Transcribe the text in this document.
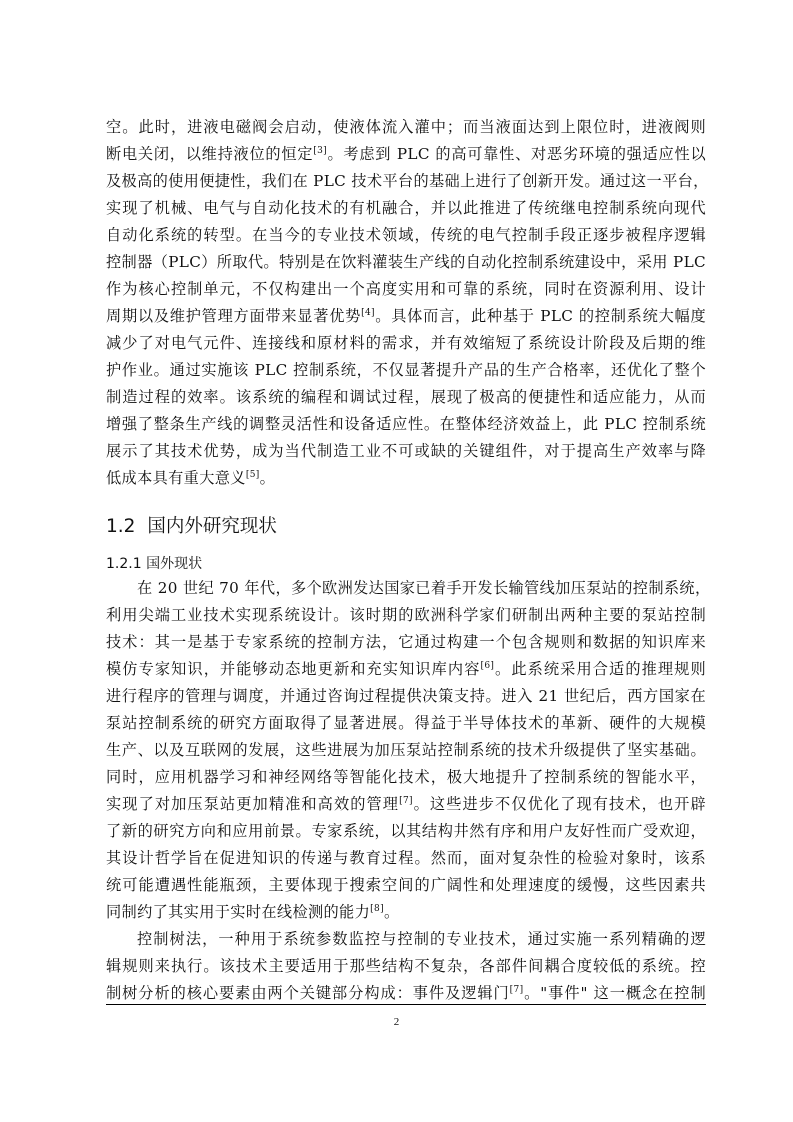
空。此时，进液电磁阀会启动，使液体流入灌中；而当液面达到上限位时，进液阀则
断电关闭，以维持液位的恒定[3]。考虑到 PLC 的高可靠性、对恶劣环境的强适应性以
及极高的使用便捷性，我们在 PLC 技术平台的基础上进行了创新开发。通过这一平台，
实现了机械、电气与自动化技术的有机融合，并以此推进了传统继电控制系统向现代
自动化系统的转型。在当今的专业技术领域，传统的电气控制手段正逐步被程序逻辑
控制器（PLC）所取代。特别是在饮料灌装生产线的自动化控制系统建设中，采用 PLC
作为核心控制单元，不仅构建出一个高度实用和可靠的系统，同时在资源利用、设计
周期以及维护管理方面带来显著优势[4]。具体而言，此种基于 PLC 的控制系统大幅度
减少了对电气元件、连接线和原材料的需求，并有效缩短了系统设计阶段及后期的维
护作业。通过实施该 PLC 控制系统，不仅显著提升产品的生产合格率，还优化了整个
制造过程的效率。该系统的编程和调试过程，展现了极高的便捷性和适应能力，从而
增强了整条生产线的调整灵活性和设备适应性。在整体经济效益上，此 PLC 控制系统
展示了其技术优势，成为当代制造工业不可或缺的关键组件，对于提高生产效率与降
低成本具有重大意义[5]。
1.2 国内外研究现状
1.2.1 国外现状
在 20 世纪 70 年代，多个欧洲发达国家已着手开发长输管线加压泵站的控制系统，
利用尖端工业技术实现系统设计。该时期的欧洲科学家们研制出两种主要的泵站控制
技术：其一是基于专家系统的控制方法，它通过构建一个包含规则和数据的知识库来
模仿专家知识，并能够动态地更新和充实知识库内容[6]。此系统采用合适的推理规则
进行程序的管理与调度，并通过咨询过程提供决策支持。进入 21 世纪后，西方国家在
泵站控制系统的研究方面取得了显著进展。得益于半导体技术的革新、硬件的大规模
生产、以及互联网的发展，这些进展为加压泵站控制系统的技术升级提供了坚实基础。
同时，应用机器学习和神经网络等智能化技术，极大地提升了控制系统的智能水平，
实现了对加压泵站更加精准和高效的管理[7]。这些进步不仅优化了现有技术，也开辟
了新的研究方向和应用前景。专家系统，以其结构井然有序和用户友好性而广受欢迎，
其设计哲学旨在促进知识的传递与教育过程。然而，面对复杂性的检验对象时，该系
统可能遭遇性能瓶颈，主要体现于搜索空间的广阔性和处理速度的缓慢，这些因素共
同制约了其实用于实时在线检测的能力[8]。
控制树法，一种用于系统参数监控与控制的专业技术，通过实施一系列精确的逻
辑规则来执行。该技术主要适用于那些结构不复杂，各部件间耦合度较低的系统。控
制树分析的核心要素由两个关键部分构成：事件及逻辑门[7]。"事件" 这一概念在控制
2
